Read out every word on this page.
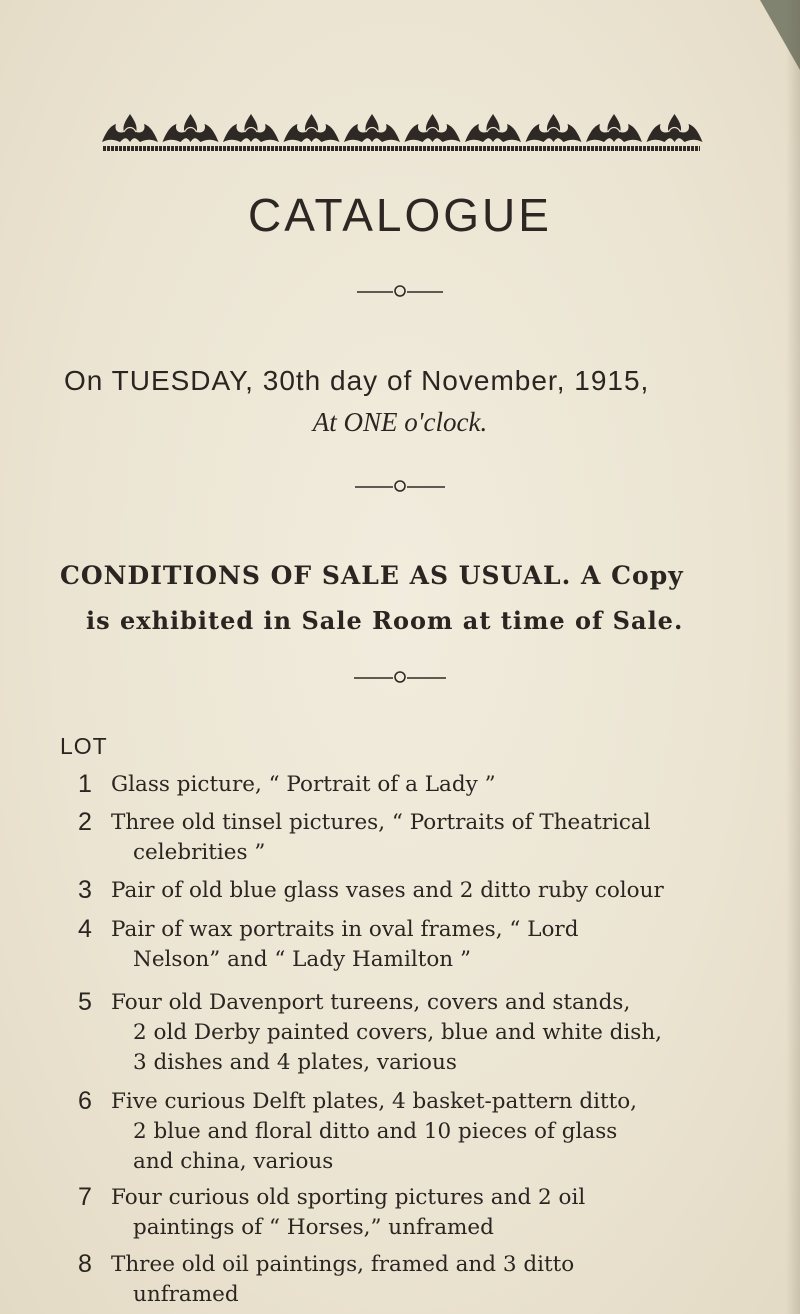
CATALOGUE
On TUESDAY, 30th day of November, 1915,
At ONE o'clock.
CONDITIONS OF SALE AS USUAL. A Copy
is exhibited in Sale Room at time of Sale.
LOT
1 Glass picture, “ Portrait of a Lady ”
2 Three old tinsel pictures, “ Portraits of Theatrical
celebrities ”
3 Pair of old blue glass vases and 2 ditto ruby colour
4 Pair of wax portraits in oval frames, “ Lord
Nelson” and “ Lady Hamilton ”
5 Four old Davenport tureens, covers and stands,
2 old Derby painted covers, blue and white dish,
3 dishes and 4 plates, various
6 Five curious Delft plates, 4 basket-pattern ditto,
2 blue and floral ditto and 10 pieces of glass
and china, various
7 Four curious old sporting pictures and 2 oil
paintings of “ Horses,” unframed
8 Three old oil paintings, framed and 3 ditto
unframed
